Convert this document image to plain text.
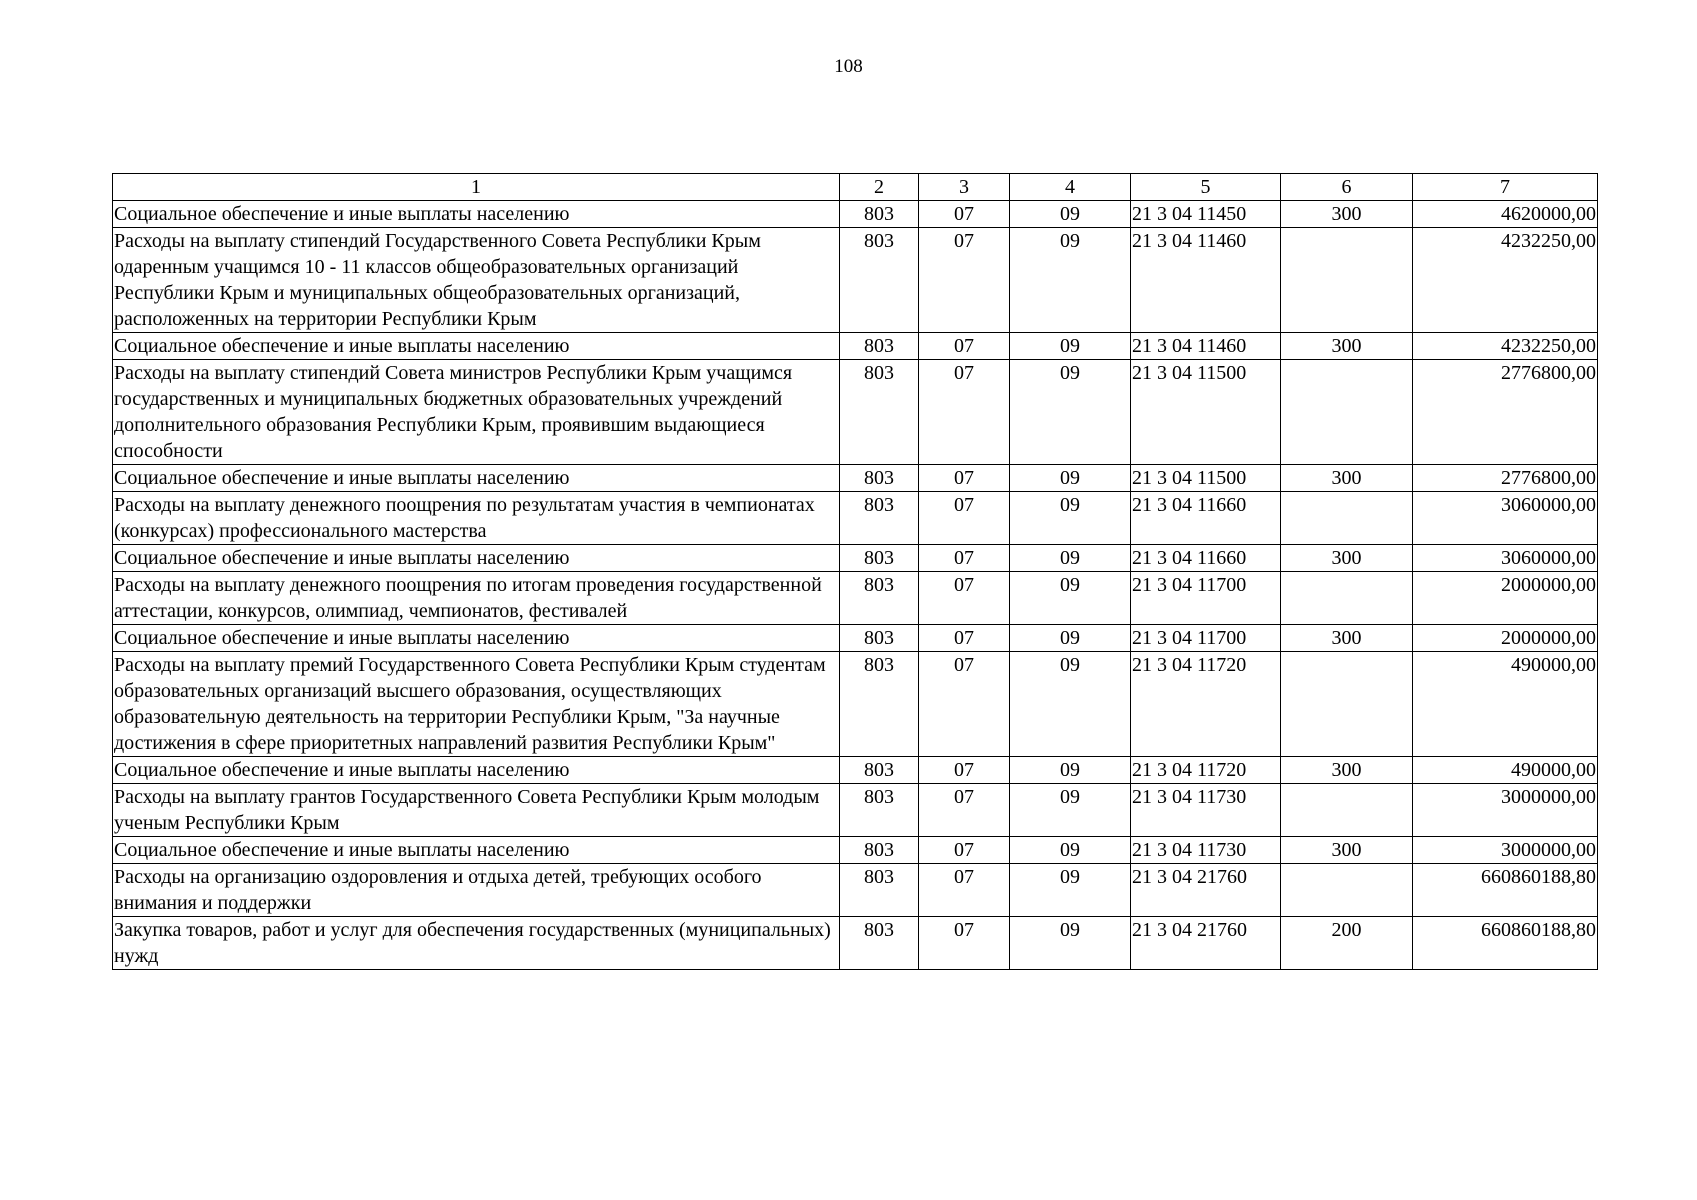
108
1	2	3	4	5	6	7
Социальное обеспечение и иные выплаты населению	803	07	09	21 3 04 11450	300	4620000,00
Расходы на выплату стипендий Государственного Совета Республики Крым одаренным учащимся 10 - 11 классов общеобразовательных организаций Республики Крым и муниципальных общеобразовательных организаций, расположенных на территории Республики Крым	803	07	09	21 3 04 11460		4232250,00
Социальное обеспечение и иные выплаты населению	803	07	09	21 3 04 11460	300	4232250,00
Расходы на выплату стипендий Совета министров Республики Крым учащимся государственных и муниципальных бюджетных образовательных учреждений дополнительного образования Республики Крым, проявившим выдающиеся способности	803	07	09	21 3 04 11500		2776800,00
Социальное обеспечение и иные выплаты населению	803	07	09	21 3 04 11500	300	2776800,00
Расходы на выплату денежного поощрения по результатам участия в чемпионатах (конкурсах) профессионального мастерства	803	07	09	21 3 04 11660		3060000,00
Социальное обеспечение и иные выплаты населению	803	07	09	21 3 04 11660	300	3060000,00
Расходы на выплату денежного поощрения по итогам проведения государственной аттестации, конкурсов, олимпиад, чемпионатов, фестивалей	803	07	09	21 3 04 11700		2000000,00
Социальное обеспечение и иные выплаты населению	803	07	09	21 3 04 11700	300	2000000,00
Расходы на выплату премий Государственного Совета Республики Крым студентам образовательных организаций высшего образования, осуществляющих образовательную деятельность на территории Республики Крым, "За научные достижения в сфере приоритетных направлений развития Республики Крым"	803	07	09	21 3 04 11720		490000,00
Социальное обеспечение и иные выплаты населению	803	07	09	21 3 04 11720	300	490000,00
Расходы на выплату грантов Государственного Совета Республики Крым молодым ученым Республики Крым	803	07	09	21 3 04 11730		3000000,00
Социальное обеспечение и иные выплаты населению	803	07	09	21 3 04 11730	300	3000000,00
Расходы на организацию оздоровления и отдыха детей, требующих особого внимания и поддержки	803	07	09	21 3 04 21760		660860188,80
Закупка товаров, работ и услуг для обеспечения государственных (муниципальных) нужд	803	07	09	21 3 04 21760	200	660860188,80
